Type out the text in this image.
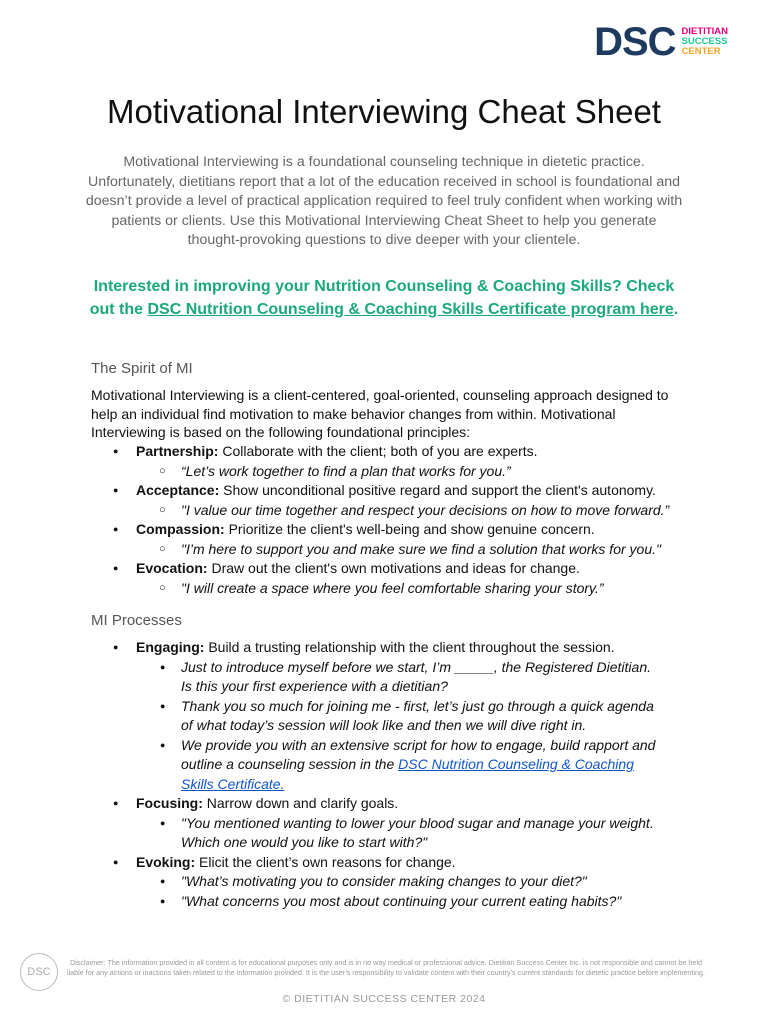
DSC DIETITIAN
SUCCESS
CENTER
Motivational Interviewing Cheat Sheet

Motivational Interviewing is a foundational counseling technique in dietetic practice. Unfortunately, dietitians report that a lot of the education received in school is foundational and doesn’t provide a level of practical application required to feel truly confident when working with patients or clients. Use this Motivational Interviewing Cheat Sheet to help you generate thought-provoking questions to dive deeper with your clientele.

Interested in improving your Nutrition Counseling & Coaching Skills? Check out the DSC Nutrition Counseling & Coaching Skills Certificate program here.
The Spirit of MI

Motivational Interviewing is a client-centered, goal-oriented, counseling approach designed to help an individual find motivation to make behavior changes from within. Motivational Interviewing is based on the following foundational principles:

● Partnership: Collaborate with the client; both of you are experts.
○ “Let’s work together to find a plan that works for you.”
● Acceptance: Show unconditional positive regard and support the client's autonomy.
○ "I value our time together and respect your decisions on how to move forward.”
● Compassion: Prioritize the client's well-being and show genuine concern.
○ "I’m here to support you and make sure we find a solution that works for you."
● Evocation: Draw out the client's own motivations and ideas for change.
○ "I will create a space where you feel comfortable sharing your story.”
MI Processes
● Engaging: Build a trusting relationship with the client throughout the session.
● Just to introduce myself before we start, I’m _____, the Registered Dietitian. Is this your first experience with a dietitian?
● Thank you so much for joining me - first, let’s just go through a quick agenda of what today’s session will look like and then we will dive right in.
● We provide you with an extensive script for how to engage, build rapport and outline a counseling session in the DSC Nutrition Counseling & Coaching Skills Certificate.
● Focusing: Narrow down and clarify goals.
● "You mentioned wanting to lower your blood sugar and manage your weight. Which one would you like to start with?"
● Evoking: Elicit the client’s own reasons for change.
● "What’s motivating you to consider making changes to your diet?"
● "What concerns you most about continuing your current eating habits?"
DSC

Disclaimer: The information provided in all content is for educational purposes only and is in no way medical or professional advice. Dietitian Success Center Inc. is not responsible and cannot be held liable for any actions or inactions taken related to the information provided. It is the user’s responsibility to validate content with their country’s current standards for dietetic practice before implementing.

© DIETITIAN SUCCESS CENTER 2024
